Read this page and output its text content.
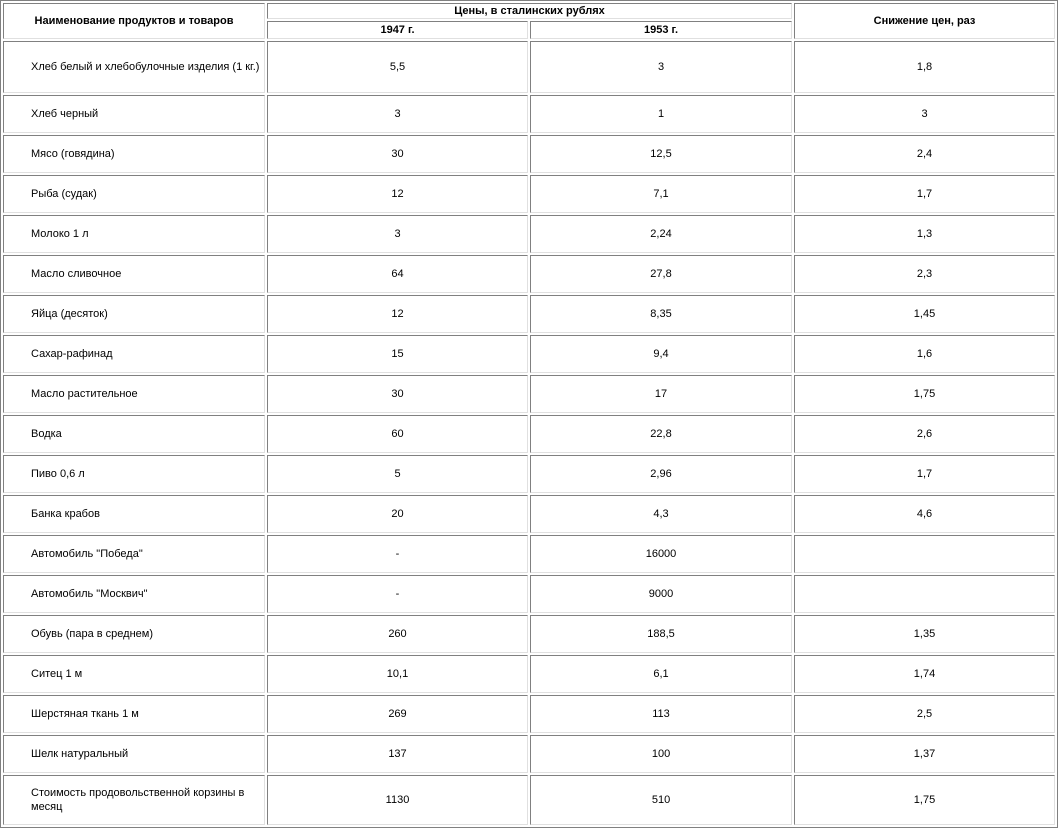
Наименование продуктов и товаров	Цены, в сталинских рублях		Снижение цен, раз
	1947 г.	1953 г.	
Хлеб белый и хлебобулочные изделия (1 кг.)	5,5	3	1,8
Хлеб черный	3	1	3
Мясо (говядина)	30	12,5	2,4
Рыба (судак)	12	7,1	1,7
Молоко 1 л	3	2,24	1,3
Масло сливочное	64	27,8	2,3
Яйца (десяток)	12	8,35	1,45
Сахар-рафинад	15	9,4	1,6
Масло растительное	30	17	1,75
Водка	60	22,8	2,6
Пиво 0,6 л	5	2,96	1,7
Банка крабов	20	4,3	4,6
Автомобиль "Победа"	-	16000	
Автомобиль "Москвич"	-	9000	
Обувь (пара в среднем)	260	188,5	1,35
Ситец 1 м	10,1	6,1	1,74
Шерстяная ткань 1 м	269	113	2,5
Шелк натуральный	137	100	1,37
Стоимость продовольственной корзины в месяц	1130	510	1,75
